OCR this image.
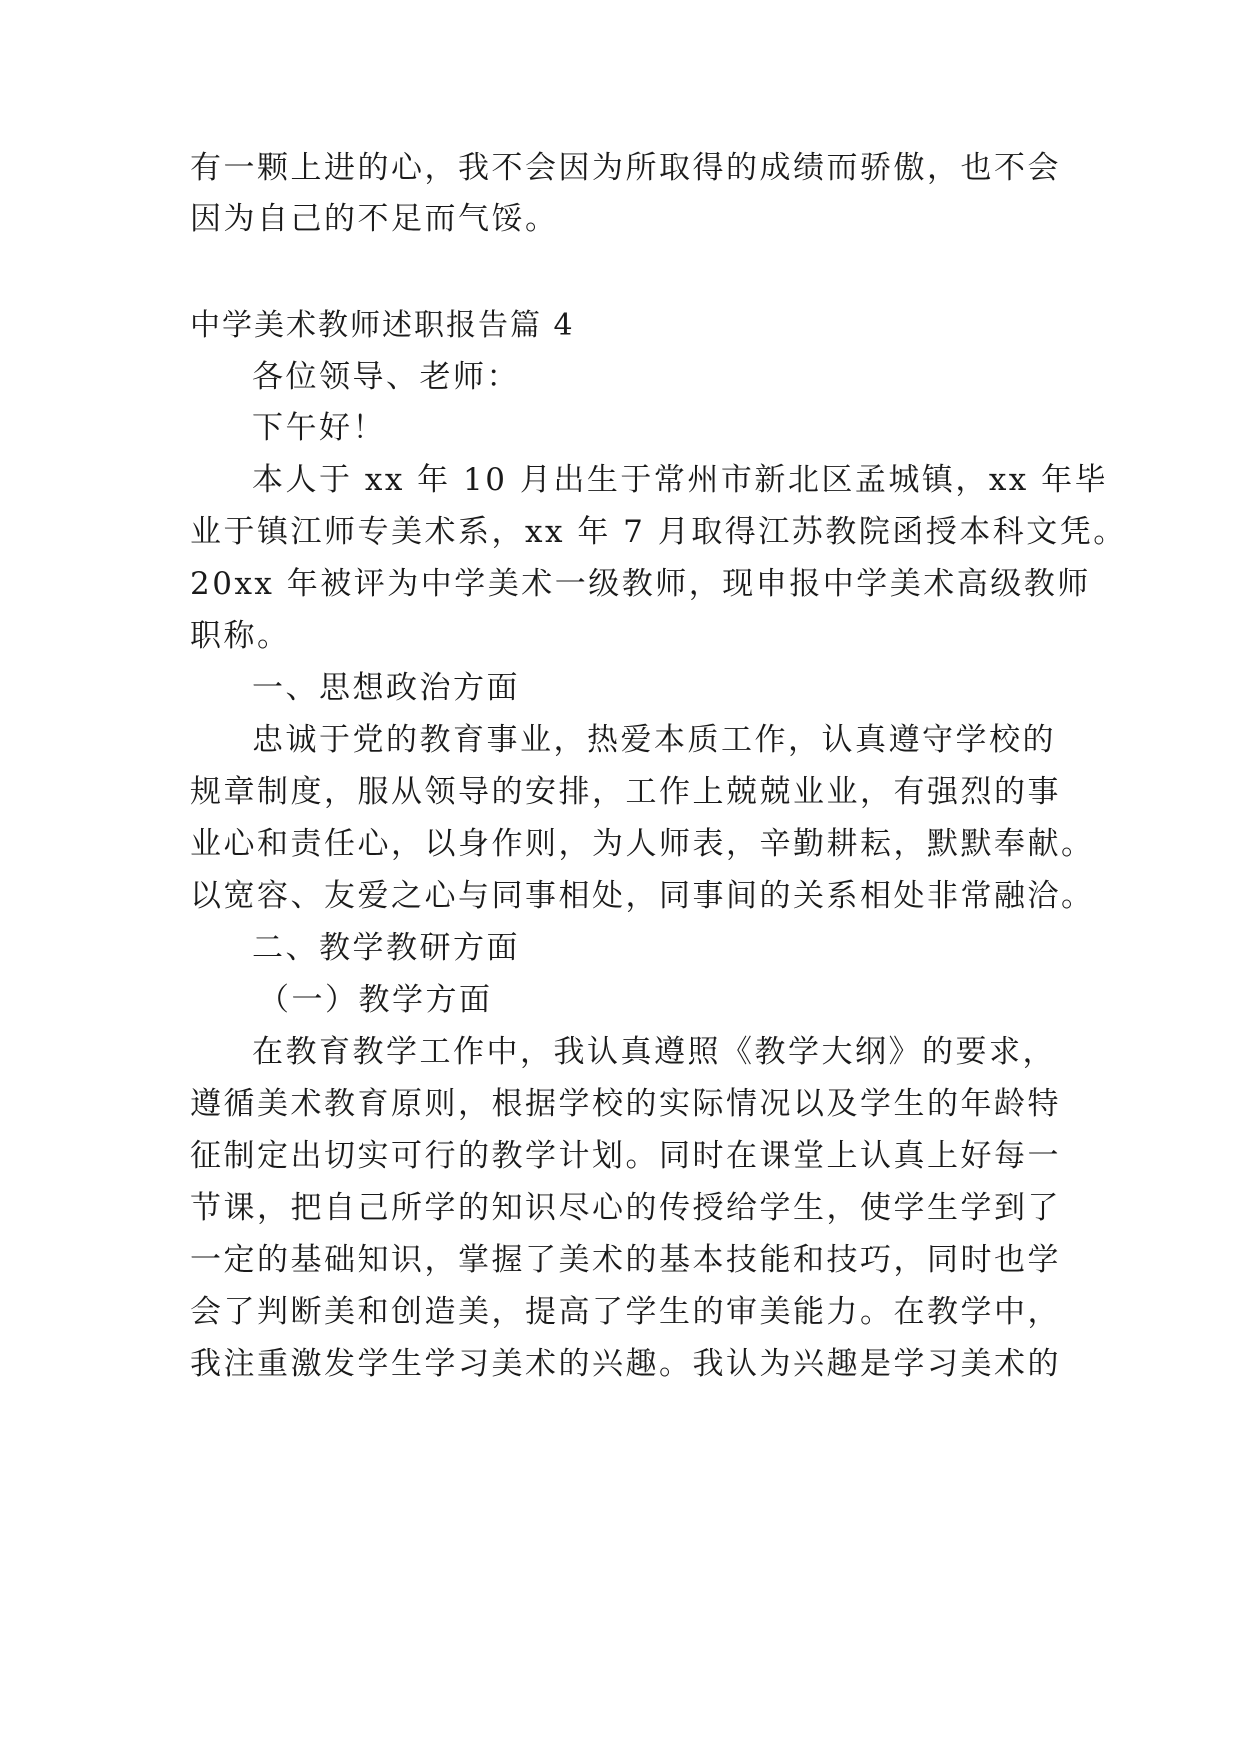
有一颗上进的心，我不会因为所取得的成绩而骄傲，也不会
因为自己的不足而气馁。
中学美术教师述职报告篇 4
各位领导、老师：
下午好！
本人于 xx 年 10 月出生于常州市新北区孟城镇，xx 年毕
业于镇江师专美术系，xx 年 7 月取得江苏教院函授本科文凭。
20xx 年被评为中学美术一级教师，现申报中学美术高级教师
职称。
一、思想政治方面
忠诚于党的教育事业，热爱本质工作，认真遵守学校的
规章制度，服从领导的安排，工作上兢兢业业，有强烈的事
业心和责任心，以身作则，为人师表，辛勤耕耘，默默奉献。
以宽容、友爱之心与同事相处，同事间的关系相处非常融洽。
二、教学教研方面
（一）教学方面
在教育教学工作中，我认真遵照《教学大纲》的要求，
遵循美术教育原则，根据学校的实际情况以及学生的年龄特
征制定出切实可行的教学计划。同时在课堂上认真上好每一
节课，把自己所学的知识尽心的传授给学生，使学生学到了
一定的基础知识，掌握了美术的基本技能和技巧，同时也学
会了判断美和创造美，提高了学生的审美能力。在教学中，
我注重激发学生学习美术的兴趣。我认为兴趣是学习美术的
